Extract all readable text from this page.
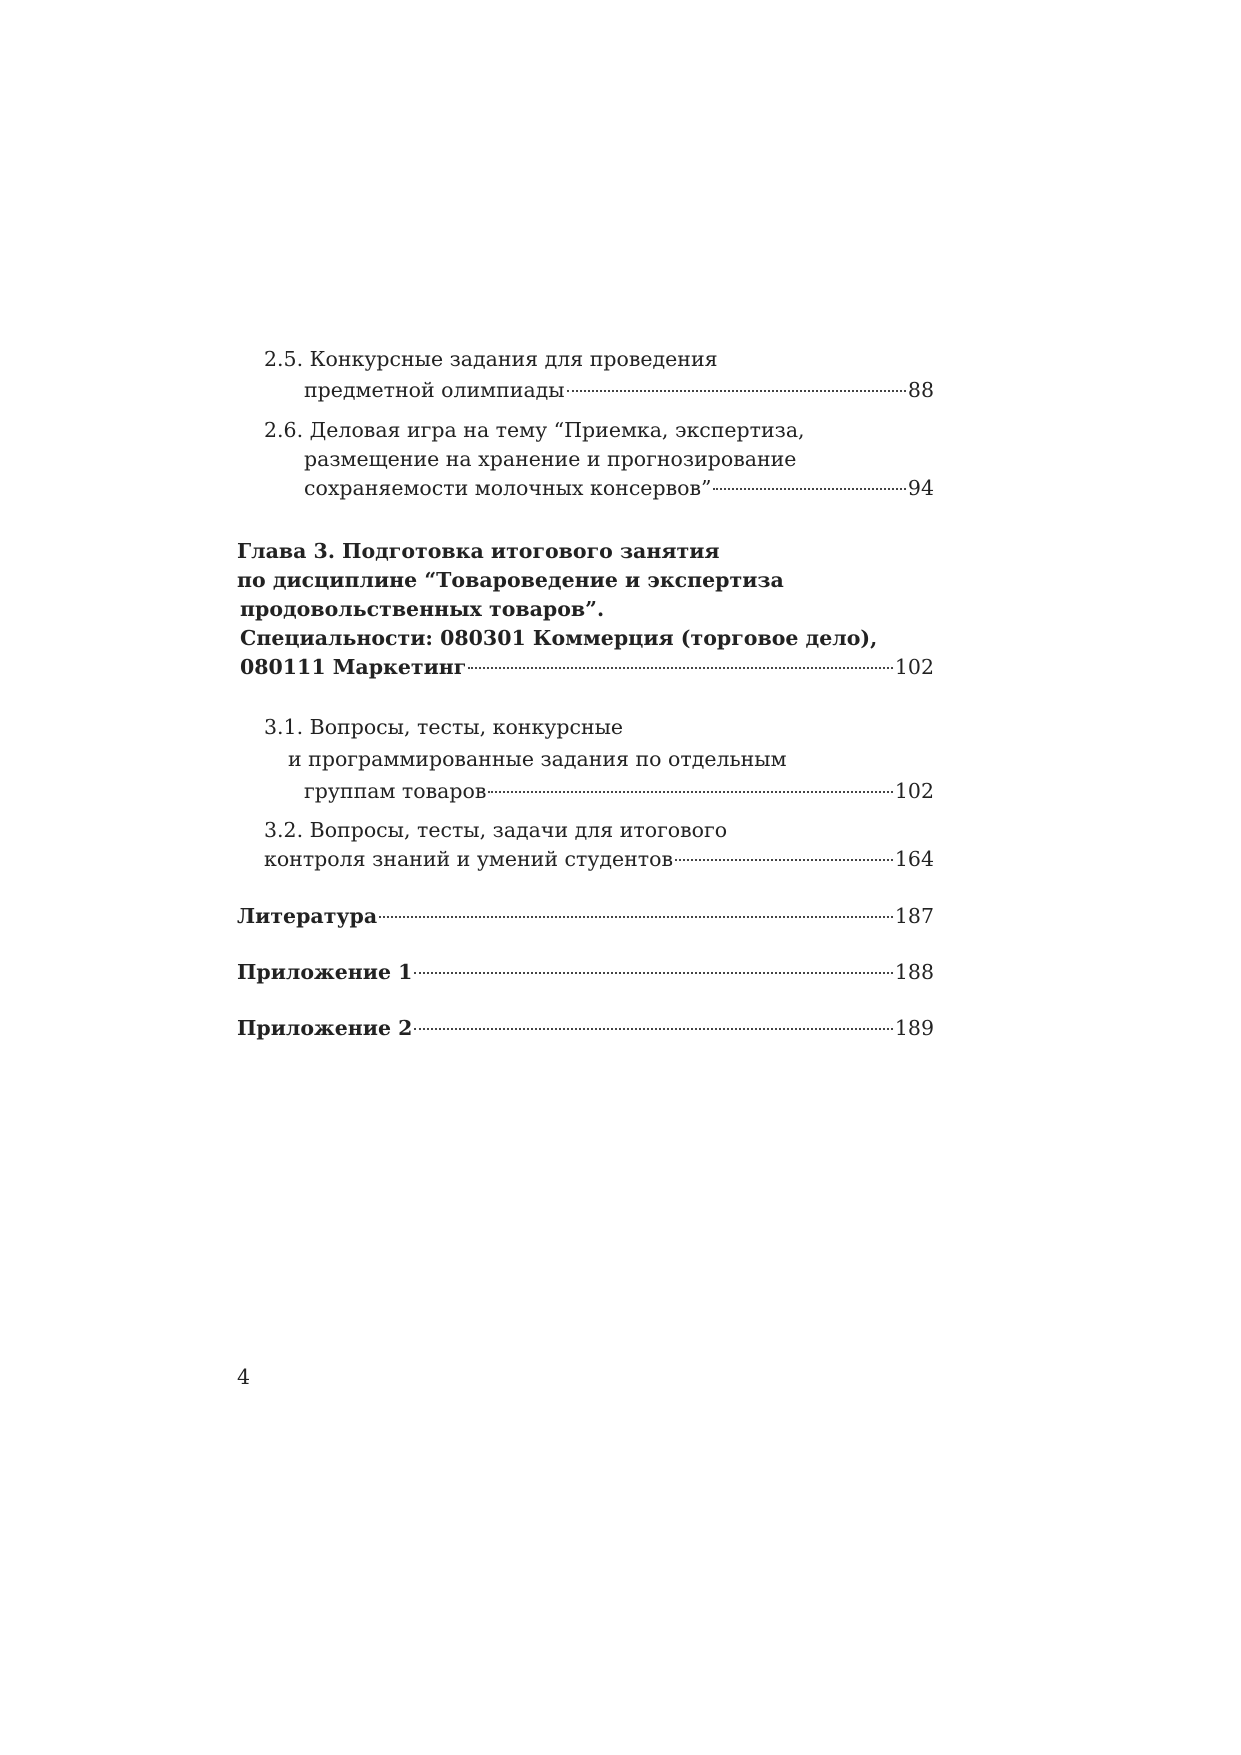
2.5. Конкурсные задания для проведения
предметной олимпиады	88
2.6. Деловая игра на тему “Приемка, экспертиза,
размещение на хранение и прогнозирование
сохраняемости молочных консервов”	94
Глава 3. Подготовка итогового занятия
по дисциплине “Товароведение и экспертиза
продовольственных товаров”.
Специальности: 080301 Коммерция (торговое дело),
080111 Маркетинг	102
3.1. Вопросы, тесты, конкурсные
и программированные задания по отдельным
группам товаров	102
3.2. Вопросы, тесты, задачи для итогового
контроля знаний и умений студентов	164
Литература	187
Приложение 1	188
Приложение 2	189
4
